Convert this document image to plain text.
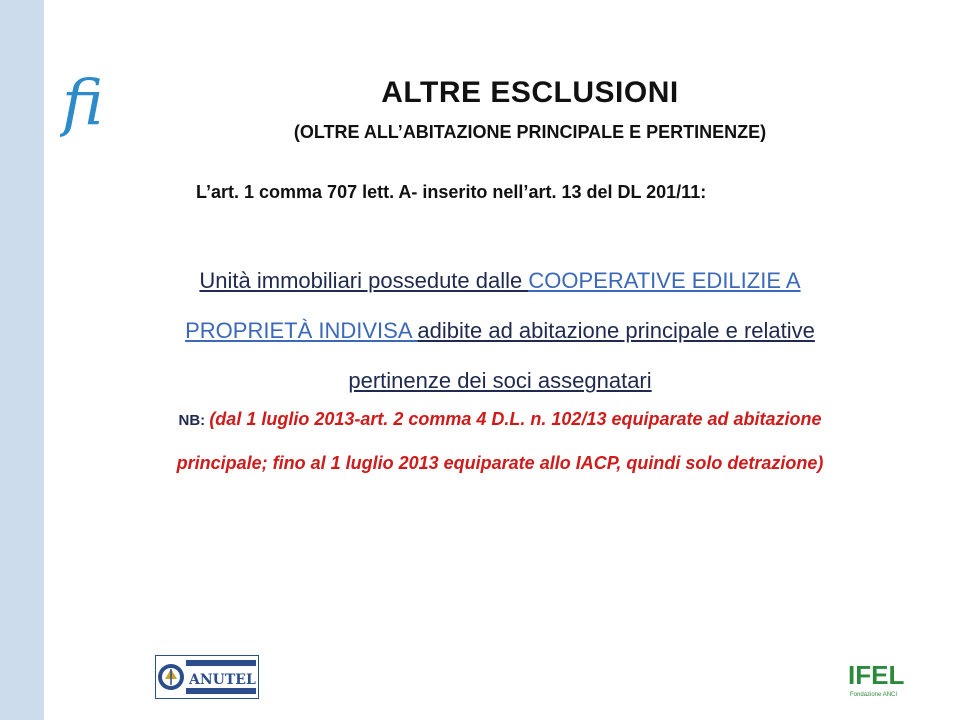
fi	ALTRE ESCLUSIONI
(OLTRE ALL’ABITAZIONE PRINCIPALE E PERTINENZE)
L’art. 1 comma 707 lett. A- inserito nell’art. 13 del DL 201/11:
Unità immobiliari possedute dalle COOPERATIVE EDILIZIE A PROPRIETÀ INDIVISA adibite ad abitazione principale e relative pertinenze dei soci assegnatari
NB: (dal 1 luglio 2013-art. 2 comma 4 D.L. n. 102/13 equiparate ad abitazione principale; fino al 1 luglio 2013 equiparate allo IACP, quindi solo detrazione)
ANUTEL	IFEL
Fondazione ANCI
